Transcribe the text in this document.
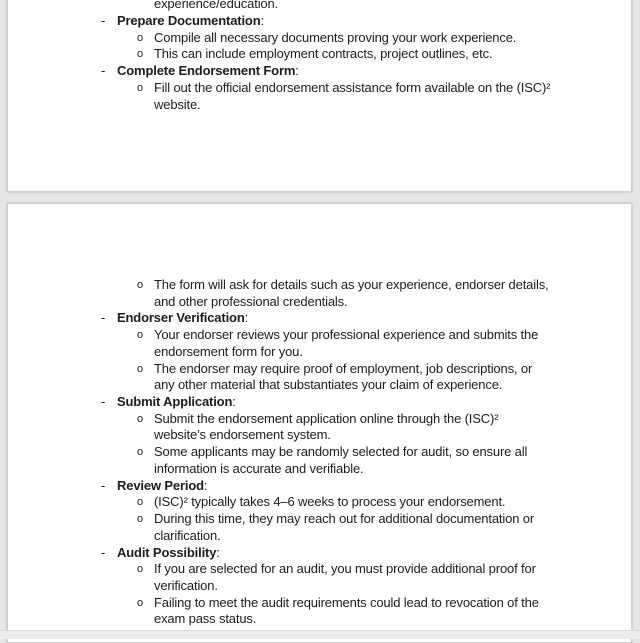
experience/education.
- Prepare Documentation:
o Compile all necessary documents proving your work experience.
o This can include employment contracts, project outlines, etc.
- Complete Endorsement Form:
o Fill out the official endorsement assistance form available on the (ISC)²
website.
o The form will ask for details such as your experience, endorser details,
and other professional credentials.
- Endorser Verification:
o Your endorser reviews your professional experience and submits the
endorsement form for you.
o The endorser may require proof of employment, job descriptions, or
any other material that substantiates your claim of experience.
- Submit Application:
o Submit the endorsement application online through the (ISC)²
website’s endorsement system.
o Some applicants may be randomly selected for audit, so ensure all
information is accurate and verifiable.
- Review Period:
o (ISC)² typically takes 4–6 weeks to process your endorsement.
o During this time, they may reach out for additional documentation or
clarification.
- Audit Possibility:
o If you are selected for an audit, you must provide additional proof for
verification.
o Failing to meet the audit requirements could lead to revocation of the
exam pass status.
